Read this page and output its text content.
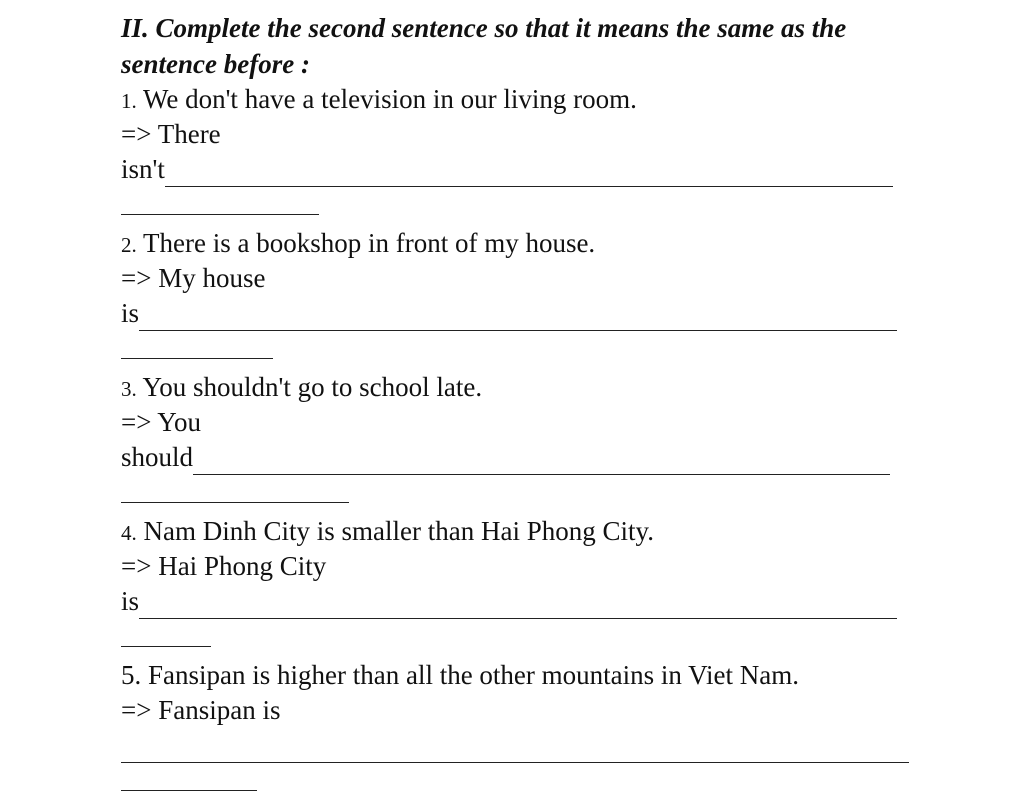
II. Complete the second sentence so that it means the same as the sentence before :

1. We don't have a television in our living room.
=> There
isn't
2. There is a bookshop in front of my house.
=> My house
is
3. You shouldn't go to school late.
=> You
should
4. Nam Dinh City is smaller than Hai Phong City.
=> Hai Phong City
is
5. Fansipan is higher than all the other mountains in Viet Nam.
=> Fansipan is
